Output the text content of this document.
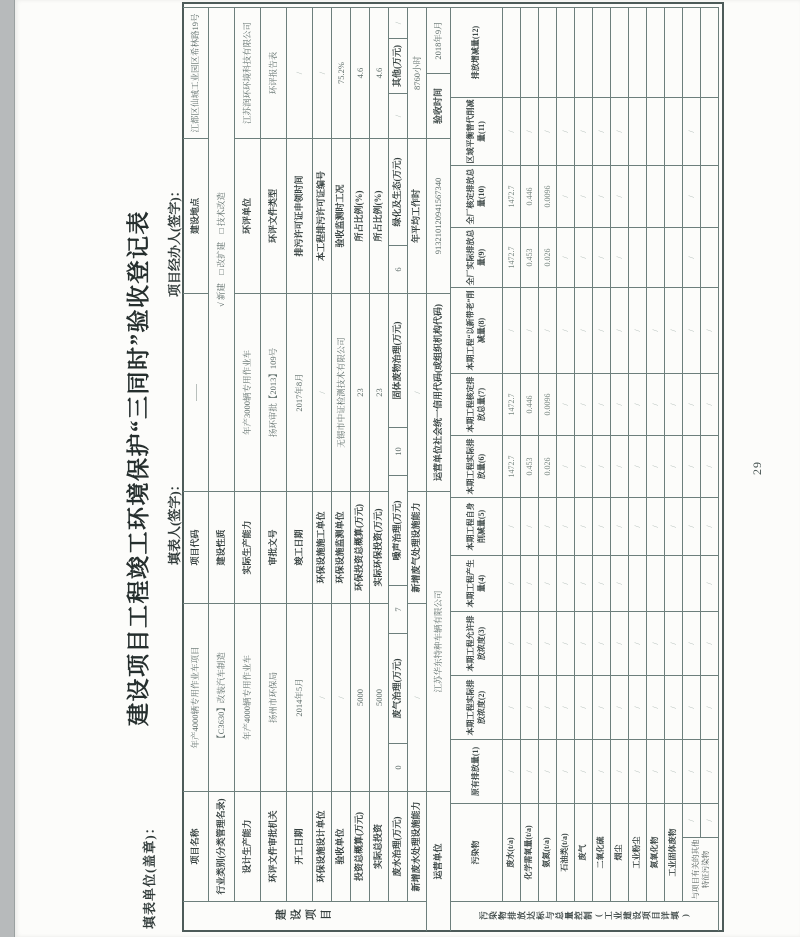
填表单位(盖章)：
建设项目工程竣工环境保护“三同时”验收登记表 填表人(签字)：
项目经办人(签字)：
29
项目名称
年产4000辆专用作业车项目
项目代码
——
建设地点
江都区仙城工业园区希林路19号
行业类别(分类管理名录)
【C3630】改装汽车制造
建设性质
√ 新建　□ 改扩建　□ 技术改造
设计生产能力
年产4000辆专用作业车
实际生产能力
年产3000辆专用作业车
环评单位
江苏润环环境科技有限公司
环评文件审批机关
扬州市环保局
审批文号
扬环审批【2013】109号
环评文件类型
环评报告表
开工日期
2014年5月
竣工日期
2017年8月
排污许可证申领时间
/
环保设施设计单位
/
环保设施施工单位
/
本工程排污许可证编号
/
验收单位
/
环保设施监测单位
无锡市中证检测技术有限公司
验收监测时工况
75.2%
投资总概算(万元)
5000
环保投资总概算(万元)
23
所占比例(%)
4.6
实际总投资
5000
实际环保投资(万元)
23
所占比例(%)
4.6
废水治理(万元)
0
废气治理(万元)
7
噪声治理(万元)
10
固体废物治理(万元)
6
绿化及生态(万元)
/
其他(万元)
/
新增废水处理设施能力
/
新增废气处理设施能力
/
年平均工作时
8760小时
运营单位
江苏华东特种车辆有限公司
运营单位社会统一信用代码(或组织机构代码)
913210120941567340
验收时间
2018年9月
建设项目
污染物
原有排放量(1)
本期工程实际排放浓度(2)
本期工程允许排放浓度(3)
本期工程产生量(4)
本期工程自身削减量(5)
本期工程实际排放量(6)
本期工程核定排放总量(7)
本期工程“以新带老”削减量(8)
全厂实际排放总量(9)
全厂核定排放总量(10)
区域平衡替代削减量(11)
排放增减量(12)
废水(t/a)
/
/
/
/
/
1472.7
1472.7
/
1472.7
1472.7
/
化学需氧量(t/a)
/
/
/
/
/
0.453
0.446
/
0.453
0.446
/
氨氮(t/a)
/
/
/
/
/
0.026
0.0096
/
0.026
0.0096
/
石油类(t/a)
/
/
/
/
/
/
/
/
/
/
/
废气
/
/
/
/
/
/
/
/
/
/
/
二氧化硫
/
/
/
/
/
/
/
/
/
/
/
烟尘
/
/
/
/
/
/
/
/
/
/
/
工业粉尘
/
/
/
/
/
/
/
氮氧化物
/
/
/
/
/
/
/
工业固体废物
/
/
/
/
/
/
/
/
/
/
/
/
/
/
/
/
/
/
/
/
/
/
/
/
/
/
/
与项目有关的其他特征污染物
污染物排放达标与总量控制(工业建设项目详填)
